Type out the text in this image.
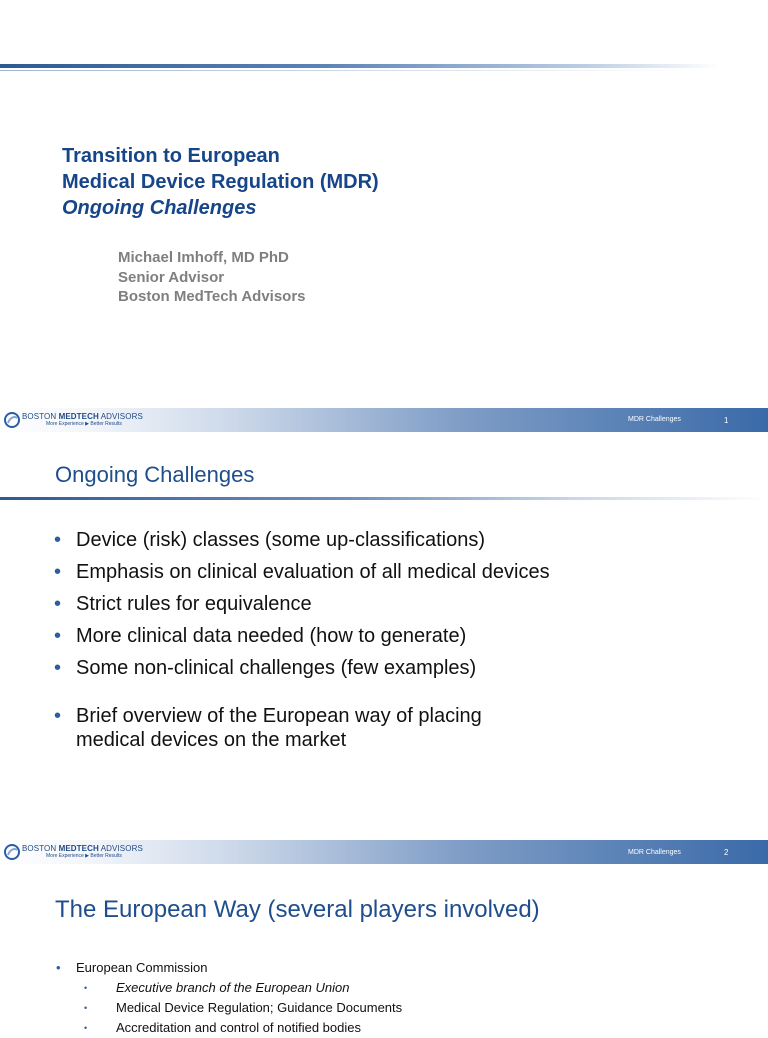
Transition to European
Medical Device Regulation (MDR)
Ongoing Challenges
Michael Imhoff, MD PhD
Senior Advisor
Boston MedTech Advisors
BOSTON MEDTECH ADVISORS
More Experience ▶ Better Results
MDR Challenges	1
Ongoing Challenges
• Device (risk) classes (some up-classifications)
• Emphasis on clinical evaluation of all medical devices
• Strict rules for equivalence
• More clinical data needed (how to generate)
• Some non-clinical challenges (few examples)
• Brief overview of the European way of placing
medical devices on the market
BOSTON MEDTECH ADVISORS
More Experience ▶ Better Results	MDR Challenges	2
The European Way (several players involved)
• European Commission
• Executive branch of the European Union
• Medical Device Regulation; Guidance Documents
• Accreditation and control of notified bodies
